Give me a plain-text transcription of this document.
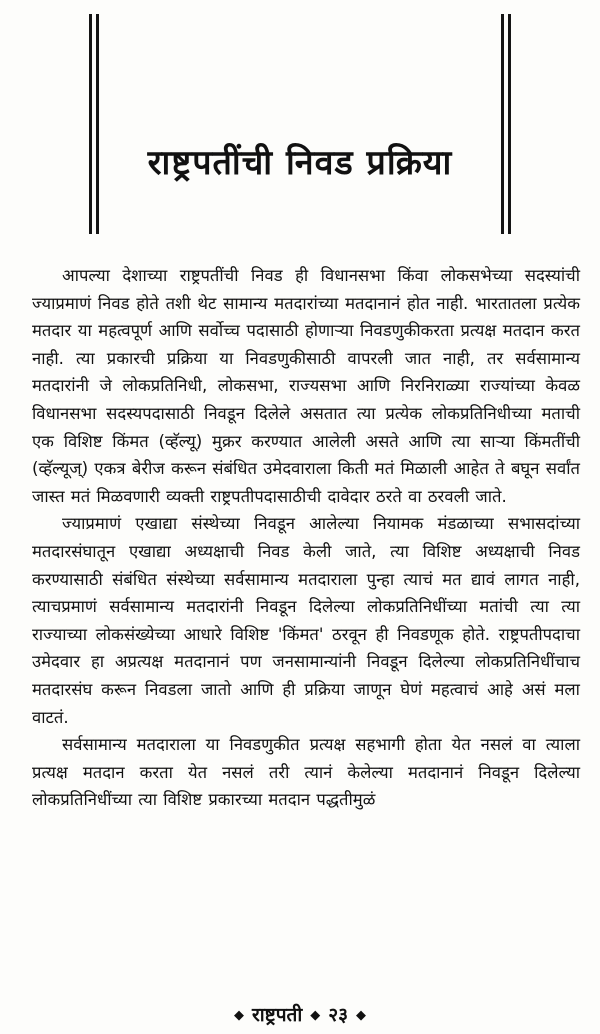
राष्ट्रपतींची निवड प्रक्रिया

आपल्या देशाच्या राष्ट्रपतींची निवड ही विधानसभा किंवा लोकसभेच्या सदस्यांची ज्याप्रमाणं निवड होते तशी थेट सामान्य मतदारांच्या मतदानानं होत नाही. भारतातला प्रत्येक मतदार या महत्वपूर्ण आणि सर्वोच्च पदासाठी होणाऱ्या निवडणुकीकरता प्रत्यक्ष मतदान करत नाही. त्या प्रकारची प्रक्रिया या निवडणुकीसाठी वापरली जात नाही, तर सर्वसामान्य मतदारांनी जे लोकप्रतिनिधी, लोकसभा, राज्यसभा आणि निरनिराळ्या राज्यांच्या केवळ विधानसभा सदस्यपदासाठी निवडून दिलेले असतात त्या प्रत्येक लोकप्रतिनिधीच्या मताची एक विशिष्ट किंमत (व्हॅल्यू) मुक्रर करण्यात आलेली असते आणि त्या साऱ्या किंमतींची (व्हॅल्यूज्) एकत्र बेरीज करून संबंधित उमेदवाराला किती मतं मिळाली आहेत ते बघून सर्वांत जास्त मतं मिळवणारी व्यक्ती राष्ट्रपतीपदासाठीची दावेदार ठरते वा ठरवली जाते.

ज्याप्रमाणं एखाद्या संस्थेच्या निवडून आलेल्या नियामक मंडळाच्या सभासदांच्या मतदारसंघातून एखाद्या अध्यक्षाची निवड केली जाते, त्या विशिष्ट अध्यक्षाची निवड करण्यासाठी संबंधित संस्थेच्या सर्वसामान्य मतदाराला पुन्हा त्याचं मत द्यावं लागत नाही, त्याचप्रमाणं सर्वसामान्य मतदारांनी निवडून दिलेल्या लोकप्रतिनिधींच्या मतांची त्या त्या राज्याच्या लोकसंख्येच्या आधारे विशिष्ट 'किंमत' ठरवून ही निवडणूक होते. राष्ट्रपतीपदाचा उमेदवार हा अप्रत्यक्ष मतदानानं पण जनसामान्यांनी निवडून दिलेल्या लोकप्रतिनिधींचाच मतदारसंघ करून निवडला जातो आणि ही प्रक्रिया जाणून घेणं महत्वाचं आहे असं मला वाटतं.

सर्वसामान्य मतदाराला या निवडणुकीत प्रत्यक्ष सहभागी होता येत नसलं वा त्याला प्रत्यक्ष मतदान करता येत नसलं तरी त्यानं केलेल्या मतदानानं निवडून दिलेल्या लोकप्रतिनिधींच्या त्या विशिष्ट प्रकारच्या मतदान पद्धतीमुळं

◆ राष्ट्रपती ◆ २३ ◆
